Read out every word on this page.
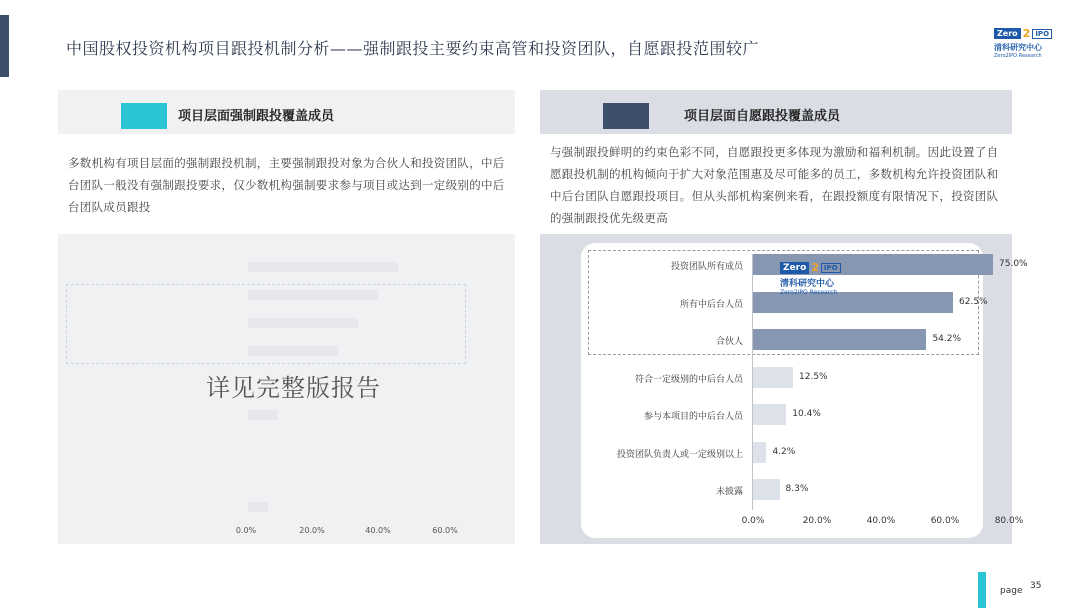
中国股权投资机构项目跟投机制分析——强制跟投主要约束高管和投资团队，自愿跟投范围较广
Zero 2 IPO
清科研究中心
Zero2IPO Research
项目层面强制跟投覆盖成员
多数机构有项目层面的强制跟投机制，主要强制跟投对象为合伙人和投资团队，中后台团队一般没有强制跟投要求，仅少数机构强制要求参与项目或达到一定级别的中后台团队成员跟投
详见完整版报告
0.0%	20.0%	40.0%	60.0%
项目层面自愿跟投覆盖成员
与强制跟投鲜明的约束色彩不同，自愿跟投更多体现为激励和福利机制。因此设置了自愿跟投机制的机构倾向于扩大对象范围惠及尽可能多的员工，多数机构允许投资团队和中后台团队自愿跟投项目。但从头部机构案例来看，在跟投额度有限情况下，投资团队的强制跟投优先级更高
投资团队所有成员	75.0%
所有中后台人员	62.5%
合伙人	54.2%
符合一定级别的中后台人员	12.5%
参与本项目的中后台人员	10.4%
投资团队负责人或一定级别以上	4.2%
未披露	8.3%
0.0%	20.0%	40.0%	60.0%	80.0%
Zero 2 IPO
清科研究中心
Zero2IPO Research
page 35
